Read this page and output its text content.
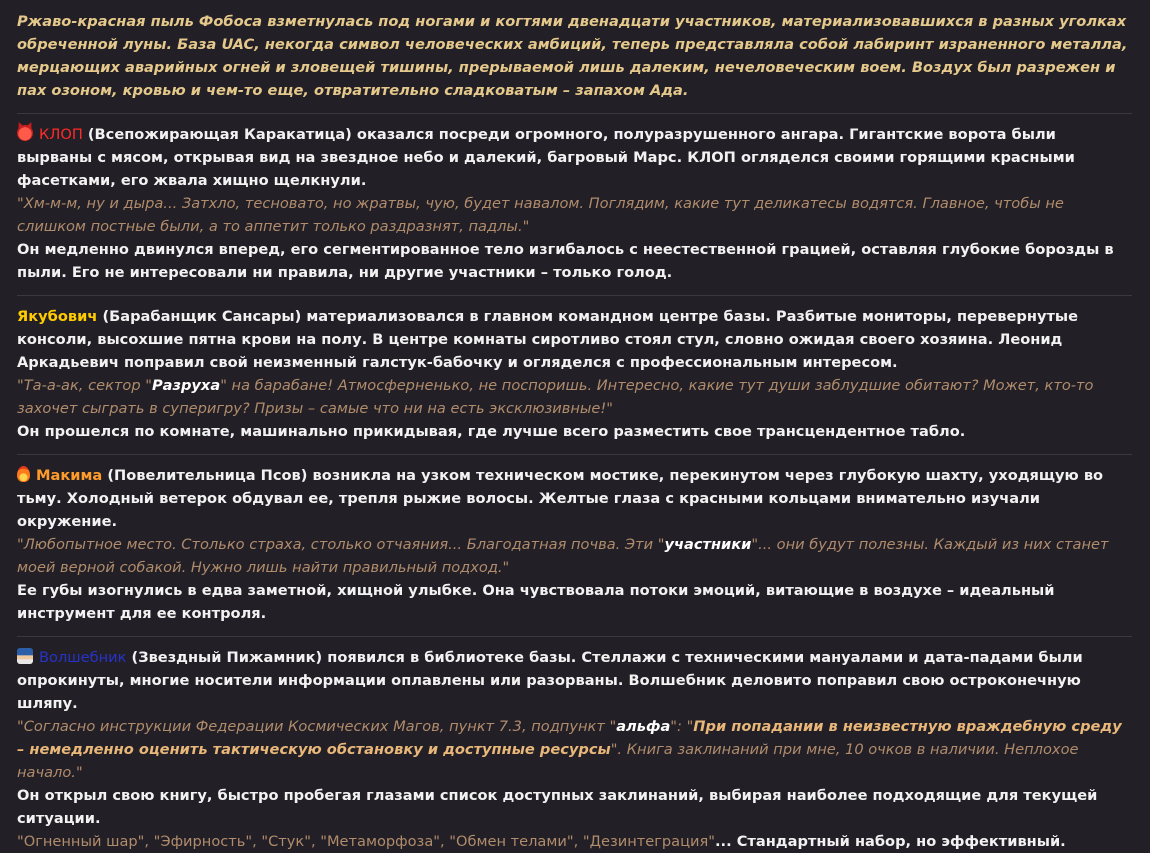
Ржаво-красная пыль Фобоса взметнулась под ногами и когтями двенадцати участников, материализовавшихся в разных уголках обреченной луны. База UAC, некогда символ человеческих амбиций, теперь представляла собой лабиринт израненного металла, мерцающих аварийных огней и зловещей тишины, прерываемой лишь далеким, нечеловеческим воем. Воздух был разрежен и пах озоном, кровью и чем-то еще, отвратительно сладковатым – запахом Ада.

КЛОП (Всепожирающая Каракатица) оказался посреди огромного, полуразрушенного ангара. Гигантские ворота были вырваны с мясом, открывая вид на звездное небо и далекий, багровый Марс. КЛОП огляделся своими горящими красными фасетками, его жвала хищно щелкнули.

"Хм-м-м, ну и дыра... Затхло, тесновато, но жратвы, чую, будет навалом. Поглядим, какие тут деликатесы водятся. Главное, чтобы не слишком постные были, а то аппетит только раздразнят, падлы."

Он медленно двинулся вперед, его сегментированное тело изгибалось с неестественной грацией, оставляя глубокие борозды в пыли. Его не интересовали ни правила, ни другие участники – только голод.

Якубович (Барабанщик Сансары) материализовался в главном командном центре базы. Разбитые мониторы, перевернутые консоли, высохшие пятна крови на полу. В центре комнаты сиротливо стоял стул, словно ожидая своего хозяина. Леонид Аркадьевич поправил свой неизменный галстук-бабочку и огляделся с профессиональным интересом.

"Та-а-ак, сектор "Разруха" на барабане! Атмосферненько, не поспоришь. Интересно, какие тут души заблудшие обитают? Может, кто-то захочет сыграть в суперигру? Призы – самые что ни на есть эксклюзивные!"

Он прошелся по комнате, машинально прикидывая, где лучше всего разместить свое трансцендентное табло.

Макима (Повелительница Псов) возникла на узком техническом мостике, перекинутом через глубокую шахту, уходящую во тьму. Холодный ветерок обдувал ее, трепля рыжие волосы. Желтые глаза с красными кольцами внимательно изучали окружение.

"Любопытное место. Столько страха, столько отчаяния... Благодатная почва. Эти "участники"... они будут полезны. Каждый из них станет моей верной собакой. Нужно лишь найти правильный подход."

Ее губы изогнулись в едва заметной, хищной улыбке. Она чувствовала потоки эмоций, витающие в воздухе – идеальный инструмент для ее контроля.

Волшебник (Звездный Пижамник) появился в библиотеке базы. Стеллажи с техническими мануалами и дата-падами были опрокинуты, многие носители информации оплавлены или разорваны. Волшебник деловито поправил свою остроконечную шляпу.

"Согласно инструкции Федерации Космических Магов, пункт 7.3, подпункт "альфа": "При попадании в неизвестную враждебную среду – немедленно оценить тактическую обстановку и доступные ресурсы". Книга заклинаний при мне, 10 очков в наличии. Неплохое начало."

Он открыл свою книгу, быстро пробегая глазами список доступных заклинаний, выбирая наиболее подходящие для текущей ситуации.

"Огненный шар", "Эфирность", "Стук", "Метаморфоза", "Обмен телами", "Дезинтеграция"... Стандартный набор, но эффективный.
